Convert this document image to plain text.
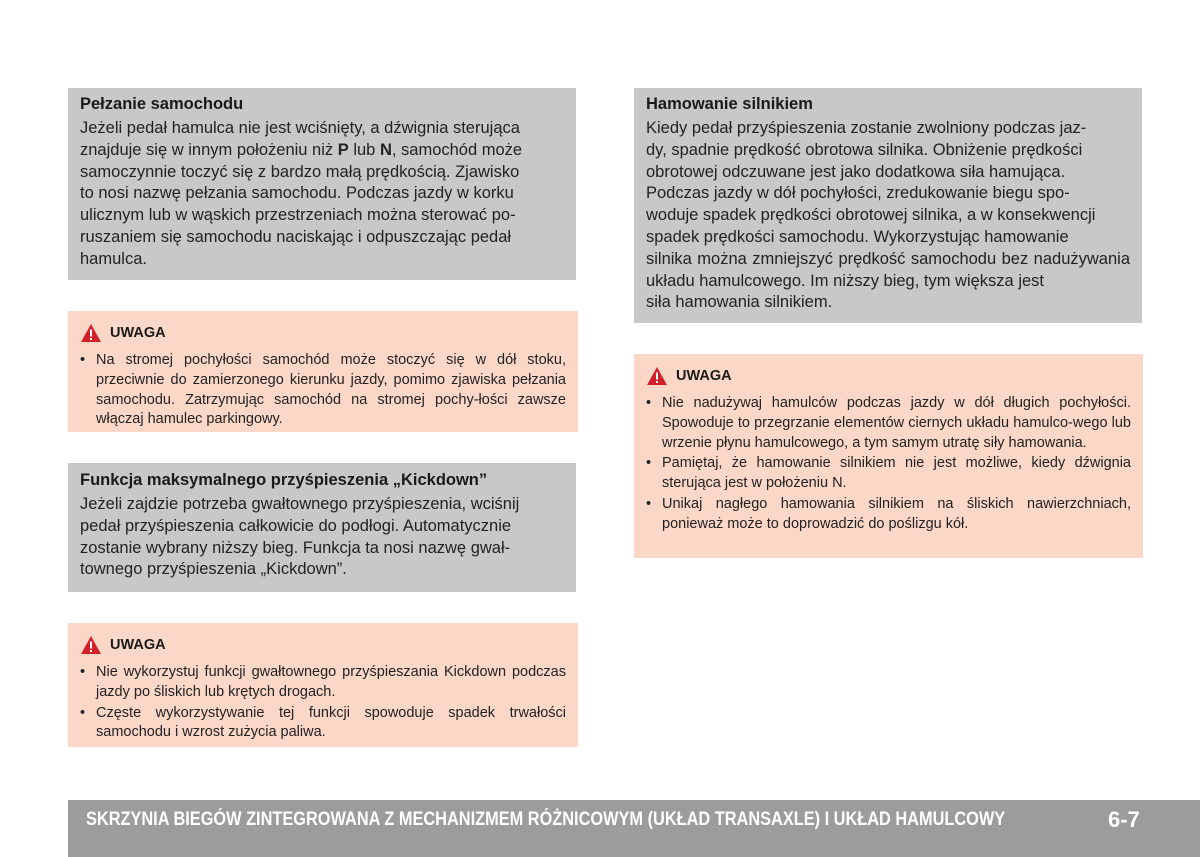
Pełzanie samochodu
Jeżeli pedał hamulca nie jest wciśnięty, a dźwignia sterująca
znajduje się w innym położeniu niż P lub N, samochód może
samoczynnie toczyć się z bardzo małą prędkością. Zjawisko
to nosi nazwę pełzania samochodu. Podczas jazdy w korku
ulicznym lub w wąskich przestrzeniach można sterować po-
ruszaniem się samochodu naciskając i odpuszczając pedał
hamulca.
UWAGA
• Na stromej pochyłości samochód może stoczyć się w dół stoku, przeciwnie do zamierzonego kierunku jazdy, pomimo zjawiska pełzania samochodu. Zatrzymując samochód na stromej pochy-łości zawsze włączaj hamulec parkingowy.
Funkcja maksymalnego przyśpieszenia „Kickdown”
Jeżeli zajdzie potrzeba gwałtownego przyśpieszenia, wciśnij
pedał przyśpieszenia całkowicie do podłogi. Automatycznie
zostanie wybrany niższy bieg. Funkcja ta nosi nazwę gwał-
townego przyśpieszenia „Kickdown”.
UWAGA
• Nie wykorzystuj funkcji gwałtownego przyśpieszania Kickdown podczas jazdy po śliskich lub krętych drogach.
• Częste wykorzystywanie tej funkcji spowoduje spadek trwałości samochodu i wzrost zużycia paliwa.
Hamowanie silnikiem
Kiedy pedał przyśpieszenia zostanie zwolniony podczas jaz-
dy, spadnie prędkość obrotowa silnika. Obniżenie prędkości
obrotowej odczuwane jest jako dodatkowa siła hamująca.
Podczas jazdy w dół pochyłości, zredukowanie biegu spo-
woduje spadek prędkości obrotowej silnika, a w konsekwencji
spadek prędkości samochodu. Wykorzystując hamowanie
silnika można zmniejszyć prędkość samochodu bez nadużywania układu hamulcowego. Im niższy bieg, tym większa jest
siła hamowania silnikiem.
UWAGA
• Nie nadużywaj hamulców podczas jazdy w dół długich pochyłości. Spowoduje to przegrzanie elementów ciernych układu hamulco-wego lub wrzenie płynu hamulcowego, a tym samym utratę siły hamowania.
• Pamiętaj, że hamowanie silnikiem nie jest możliwe, kiedy dźwignia sterująca jest w położeniu N.
• Unikaj nagłego hamowania silnikiem na śliskich nawierzchniach, ponieważ może to doprowadzić do poślizgu kół.
SKRZYNIA BIEGÓW ZINTEGROWANA Z MECHANIZMEM RÓŻNICOWYM (UKŁAD TRANSAXLE) I UKŁAD HAMULCOWY	6-7
